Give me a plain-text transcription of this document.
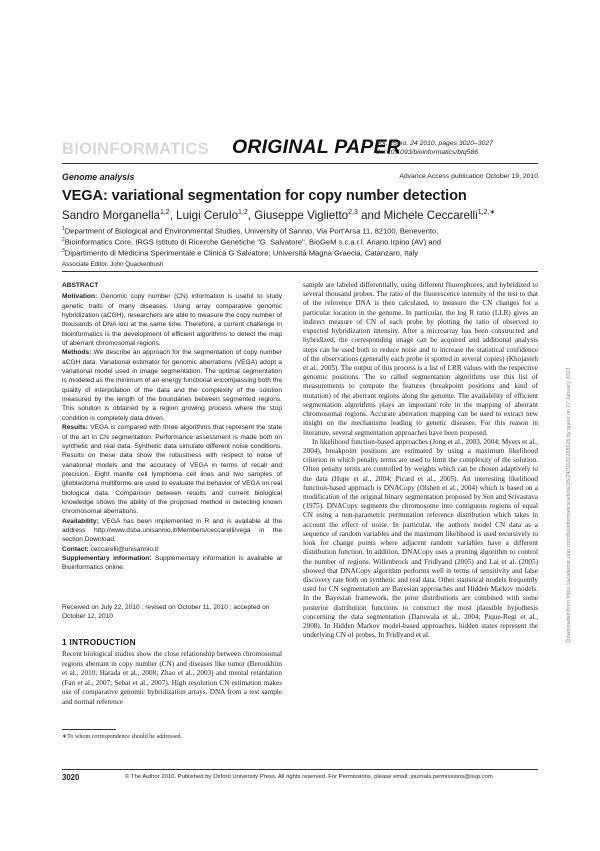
BIOINFORMATICS ORIGINAL PAPER
Vol. 26 no. 24 2010, pages 3020–3027
doi:10.1093/bioinformatics/btq586
Genome analysis	Advance Access publication October 19, 2010
VEGA: variational segmentation for copy number detection
Sandro Morganella$^{1,2}$, Luigi Cerulo$^{1,2}$, Giuseppe Viglietto$^{2,3}$ and Michele Ceccarelli$^{1,2,∗}$
$^1$Department of Biological and Environmental Studies, University of Sannio, Via Port'Arsa 11, 82100, Benevento,
$^2$Bioinformatics Core, IRGS Istituto di Ricerche Genetiche "G. Salvatore", BioGeM s.c.a.r.l. Ariano Irpino (AV) and
$^3$Dipartimento di Medicina Sperimentale e Clinica G Salvatore; Università Magna Graecia, Catanzaro, Italy
Associate Editor: John Quackenbush

ABSTRACT

Motivation: Genomic copy number (CN) information is useful to study genetic traits of many diseases. Using array comparative genomic hybridization (aCGH), researchers are able to measure the copy number of thousands of DNA loci at the same time. Therefore, a current challenge in bioinformatics is the development of efficient algorithms to detect the map of aberrant chromosomal regions.

Methods: We describe an approach for the segmentation of copy number aCGH data. Variational estimator for genomic aberrations (VEGA) adopt a variational model used in image segmentation. The optimal segmentation is modeled as the minimum of an energy functional encompassing both the quality of interpolation of the data and the complexity of the solution measured by the length of the boundaries between segmented regions. This solution is obtained by a region growing process where the stop condition is completely data driven.

Results: VEGA is compared with three algorithms that represent the state of the art in CN segmentation. Performance assessment is made both on synthetic and real data. Synthetic data simulate different noise conditions. Results on these data show the robustness with respect to noise of variational models and the accuracy of VEGA in terms of recall and precision. Eight mantle cell lymphoma cell lines and two samples of glioblastoma multiforme are used to evaluate the behavior of VEGA on real biological data. Comparison between results and current biological knowledge shows the ability of the proposed method in detecting known chromosomal aberrations.

Availability: VEGA has been implemented in R and is available at the address http://www.dsba.unisannio.it/Members/ceccarelli/vega in the section Download.

Contact: ceccarelli@unisannio.it

Supplementary information: Supplementary information is available at Bioinformatics online.

Received on July 22, 2010 ; revised on October 11, 2010 ; accepted on October 12, 2010
1 INTRODUCTION

Recent biological studies show the close relationship between chromosomal regions aberrant in copy number (CN) and diseases like tumor (Beroukhim et al., 2010; Harada et al., 2008; Zhao et al., 2003) and mental retardation (Fan et al., 2007; Sebat et al., 2007). High resolution CN estimation makes use of comparative genomic hybridization arrays. DNA from a test sample and normal reference

∗To whom correspondence should be addressed.

sample are labeled differentially, using different fluorophores, and hybridized to several thousand probes. The ratio of the fluorescence intensity of the test to that of the reference DNA is then calculated, to measure the CN changes for a particular location in the genome. In particular, the log R ratio (LLR) gives an indirect measure of CN of each probe by plotting the ratio of observed to expected hybridization intensity. After a microarray has been constructed and hybridized, the corresponding image can be acquired and additional analysis steps can be used both to reduce noise and to increase the statistical confidence of the observations (generally each probe is spotted in several copies) (Khojasteh et al., 2005). The output of this process is a list of LRR values with the respective genomic positions. The so called segmentation algorithms use this list of measurements to compute the features (breakpoint positions and kind of mutation) of the aberrant regions along the genome. The availability of efficient segmentation algorithms plays an important role in the mapping of aberrant chromosomal regions. Accurate aberration mapping can be used to extract new insight on the mechanisms leading to genetic diseases. For this reason in literature, several segmentation approaches have been proposed.

In likelihood function-based approaches (Jong et al., 2003, 2004; Myers et al., 2004), breakpoint positions are estimated by using a maximum likelihood criterion in which penalty terms are used to limit the complexity of the solution. Often penalty terms are controlled by weights which can be chosen adaptively to the data (Hupe et al., 2004; Picard et al., 2005). An interesting likelihood function-based approach is DNACopy (Olshen et al., 2004) which is based on a modification of the original binary segmentation proposed by Sen and Srivastava (1975). DNACopy segments the chromosome into contiguous regions of equal CN using a non-parametric permutation reference distribution which takes in account the effect of noise. In particular, the authors model CN data as a sequence of random variables and the maximum likelihood is used recursively to look for change points where adjacent random variables have a different distribution function. In addition, DNACopy uses a pruning algorithm to control the number of regions. Willenbrock and Fridlyand (2005) and Lai et al. (2005) showed that DNACopy algorithm performs well in terms of sensitivity and false discovery rate both on synthetic and real data. Other statistical models frequently used for CN segmentation are Bayesian approaches and Hidden Markov models. In the Bayesian framework, the prior distributions are combined with some posterior distribution functions to construct the most plausible hypothesis concerning the data segmentation (Daruwala et al., 2004; Pique-Regi et al., 2008). In Hidden Markov model-based approaches, hidden states represent the underlying CN of probes. In Fridlyand et al.

3020	© The Author 2010. Published by Oxford University Press. All rights reserved. For Permissions, please email: journals.permissions@oup.com
Downloaded from https://academic.oup.com/bioinformatics/article/26/24/3020/288626 by guest on 27 January 2023
